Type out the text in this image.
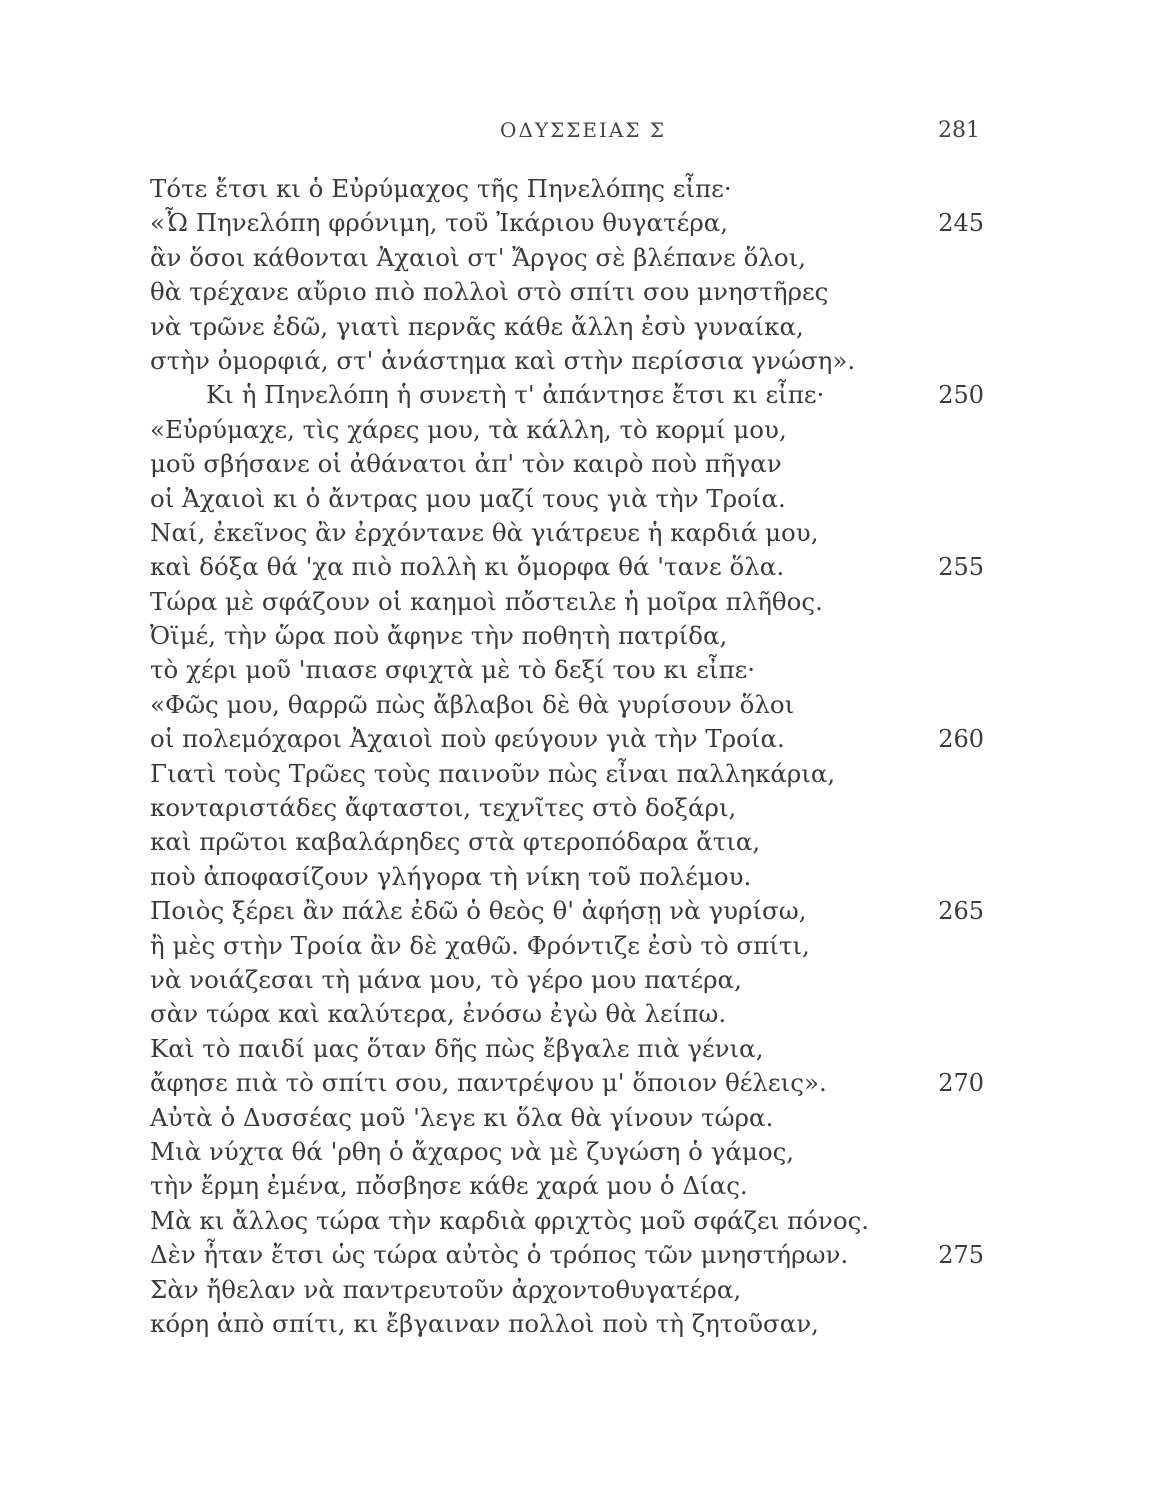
ΟΔΥΣΣΕΙΑΣ Σ	281
Τότε ἔτσι κι ὁ Εὐρύμαχος τῆς Πηνελόπης εἶπε·
«Ὦ Πηνελόπη φρόνιμη, τοῦ Ἰκάριου θυγατέρα,	245
ἂν ὅσοι κάθονται Ἀχαιοὶ στ' Ἄργος σὲ βλέπανε ὅλοι,
θὰ τρέχανε αὔριο πιὸ πολλοὶ στὸ σπίτι σου μνηστῆρες
νὰ τρῶνε ἐδῶ, γιατὶ περνᾶς κάθε ἄλλη ἐσὺ γυναίκα,
στὴν ὀμορφιά, στ' ἀνάστημα καὶ στὴν περίσσια γνώση».
Κι ἡ Πηνελόπη ἡ συνετὴ τ' ἀπάντησε ἔτσι κι εἶπε·	250
«Εὐρύμαχε, τὶς χάρες μου, τὰ κάλλη, τὸ κορμί μου,
μοῦ σβήσανε οἱ ἀθάνατοι ἀπ' τὸν καιρὸ ποὺ πῆγαν
οἱ Ἀχαιοὶ κι ὁ ἄντρας μου μαζί τους γιὰ τὴν Τροία.
Ναί, ἐκεῖνος ἂν ἐρχόντανε θὰ γιάτρευε ἡ καρδιά μου,
καὶ δόξα θά 'χα πιὸ πολλὴ κι ὄμορφα θά 'τανε ὅλα.	255
Τώρα μὲ σφάζουν οἱ καημοὶ πὄστειλε ἡ μοῖρα πλῆθος.
Ὀϊμέ, τὴν ὥρα ποὺ ἄφηνε τὴν ποθητὴ πατρίδα,
τὸ χέρι μοῦ 'πιασε σφιχτὰ μὲ τὸ δεξί του κι εἶπε·
«Φῶς μου, θαρρῶ πὼς ἄβλαβοι δὲ θὰ γυρίσουν ὅλοι
οἱ πολεμόχαροι Ἀχαιοὶ ποὺ φεύγουν γιὰ τὴν Τροία.	260
Γιατὶ τοὺς Τρῶες τοὺς παινοῦν πὼς εἶναι παλληκάρια,
κονταριστάδες ἄφταστοι, τεχνῖτες στὸ δοξάρι,
καὶ πρῶτοι καβαλάρηδες στὰ φτεροπόδαρα ἄτια,
ποὺ ἀποφασίζουν γλήγορα τὴ νίκη τοῦ πολέμου.
Ποιὸς ξέρει ἂν πάλε ἐδῶ ὁ θεὸς θ' ἀφήσῃ νὰ γυρίσω,	265
ἢ μὲς στὴν Τροία ἂν δὲ χαθῶ. Φρόντιζε ἐσὺ τὸ σπίτι,
νὰ νοιάζεσαι τὴ μάνα μου, τὸ γέρο μου πατέρα,
σὰν τώρα καὶ καλύτερα, ἐνόσω ἐγὼ θὰ λείπω.
Καὶ τὸ παιδί μας ὅταν δῆς πὼς ἔβγαλε πιὰ γένια,
ἄφησε πιὰ τὸ σπίτι σου, παντρέψου μ' ὅποιον θέλεις».	270
Αὐτὰ ὁ Δυσσέας μοῦ 'λεγε κι ὅλα θὰ γίνουν τώρα.
Μιὰ νύχτα θά 'ρθη ὁ ἄχαρος νὰ μὲ ζυγώση ὁ γάμος,
τὴν ἔρμη ἐμένα, πὄσβησε κάθε χαρά μου ὁ Δίας.
Μὰ κι ἄλλος τώρα τὴν καρδιὰ φριχτὸς μοῦ σφάζει πόνος.
Δὲν ἦταν ἔτσι ὡς τώρα αὐτὸς ὁ τρόπος τῶν μνηστήρων.	275
Σὰν ἤθελαν νὰ παντρευτοῦν ἀρχοντοθυγατέρα,
κόρη ἀπὸ σπίτι, κι ἔβγαιναν πολλοὶ ποὺ τὴ ζητοῦσαν,
